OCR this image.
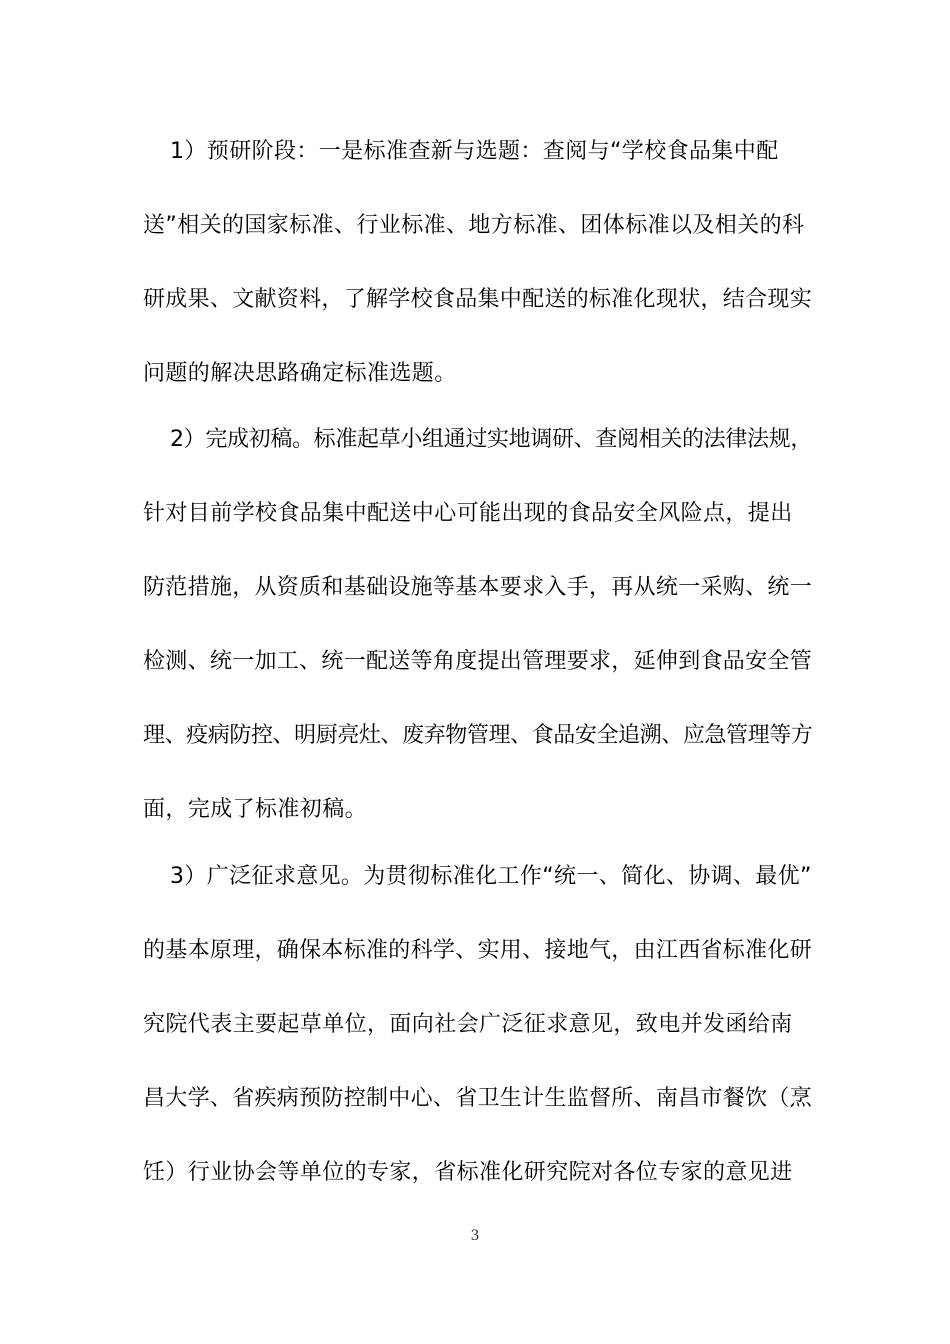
1）预研阶段：一是标准查新与选题：查阅与“学校食品集中配
送”相关的国家标准、行业标准、地方标准、团体标准以及相关的科
研成果、文献资料，了解学校食品集中配送的标准化现状，结合现实
问题的解决思路确定标准选题。
2）完成初稿。标准起草小组通过实地调研、查阅相关的法律法规，
针对目前学校食品集中配送中心可能出现的食品安全风险点，提出
防范措施，从资质和基础设施等基本要求入手，再从统一采购、统一
检测、统一加工、统一配送等角度提出管理要求，延伸到食品安全管
理、疫病防控、明厨亮灶、废弃物管理、食品安全追溯、应急管理等方
面，完成了标准初稿。
3）广泛征求意见。为贯彻标准化工作“统一、简化、协调、最优”
的基本原理，确保本标准的科学、实用、接地气，由江西省标准化研
究院代表主要起草单位，面向社会广泛征求意见，致电并发函给南
昌大学、省疾病预防控制中心、省卫生计生监督所、南昌市餐饮（烹
饪）行业协会等单位的专家，省标准化研究院对各位专家的意见进
3
